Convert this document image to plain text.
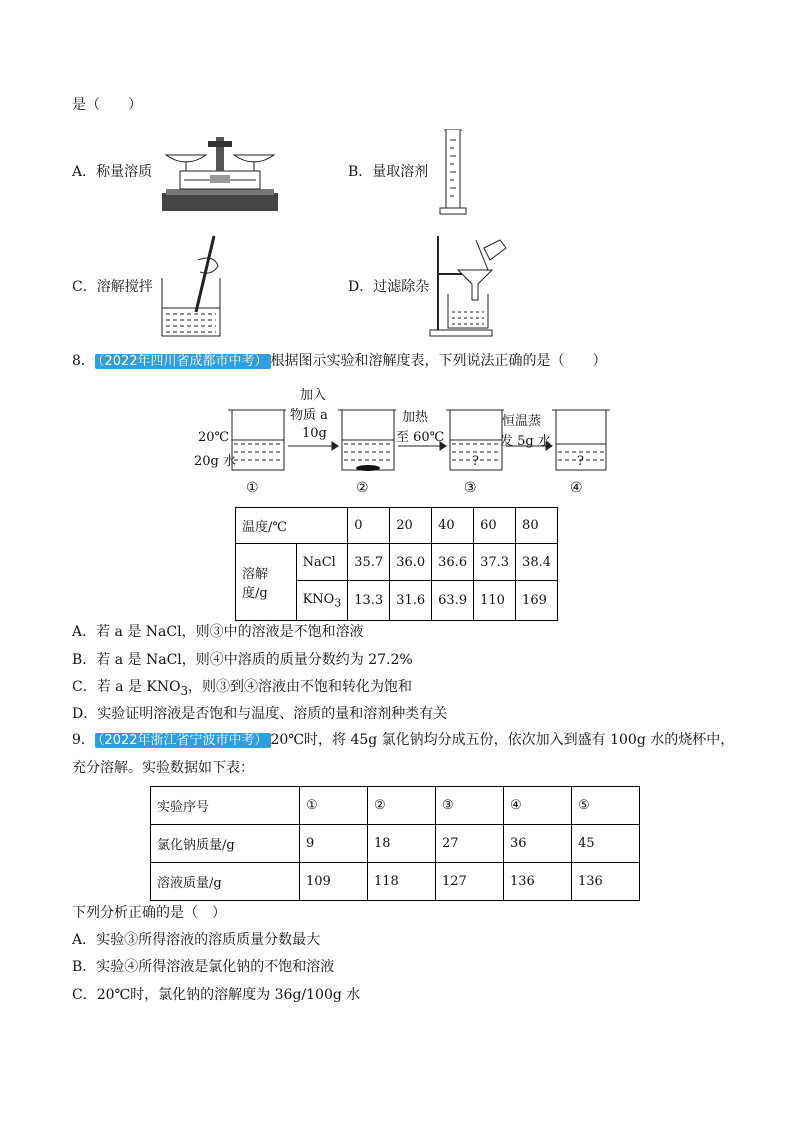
是（　　）
A．称量溶质	B．量取溶剂
C．溶解搅拌	D．过滤除杂
8． （2022年四川省成都市中考） 根据图示实验和溶解度表，下列说法正确的是（　　）
20℃
20g 水
加入
物质 a
10g
加热
至 60℃
恒温蒸
发 5g 水
?	?
①	②	③	④
温度/℃		0	20	40	60	80
溶解度/g	NaCl	35.7	36.0	36.6	37.3	38.4
	$KNO_3$	13.3	31.6	63.9	110	169
A．若 a 是 NaCl，则③中的溶液是不饱和溶液
B．若 a 是 NaCl，则④中溶质的质量分数约为 27.2%
C．若 a 是 $KNO_3$，则③到④溶液由不饱和转化为饱和
D．实验证明溶液是否饱和与温度、溶质的量和溶剂种类有关
9． （2022年浙江省宁波市中考） 20℃时，将 45g 氯化钠均分成五份，依次加入到盛有 100g 水的烧杯中，
充分溶解。实验数据如下表：
实验序号	①	②	③	④	⑤
氯化钠质量/g	9	18	27	36	45
溶液质量/g	109	118	127	136	136
下列分析正确的是（　）
A．实验③所得溶液的溶质质量分数最大
B．实验④所得溶液是氯化钠的不饱和溶液
C．20℃时，氯化钠的溶解度为 36g/100g 水
